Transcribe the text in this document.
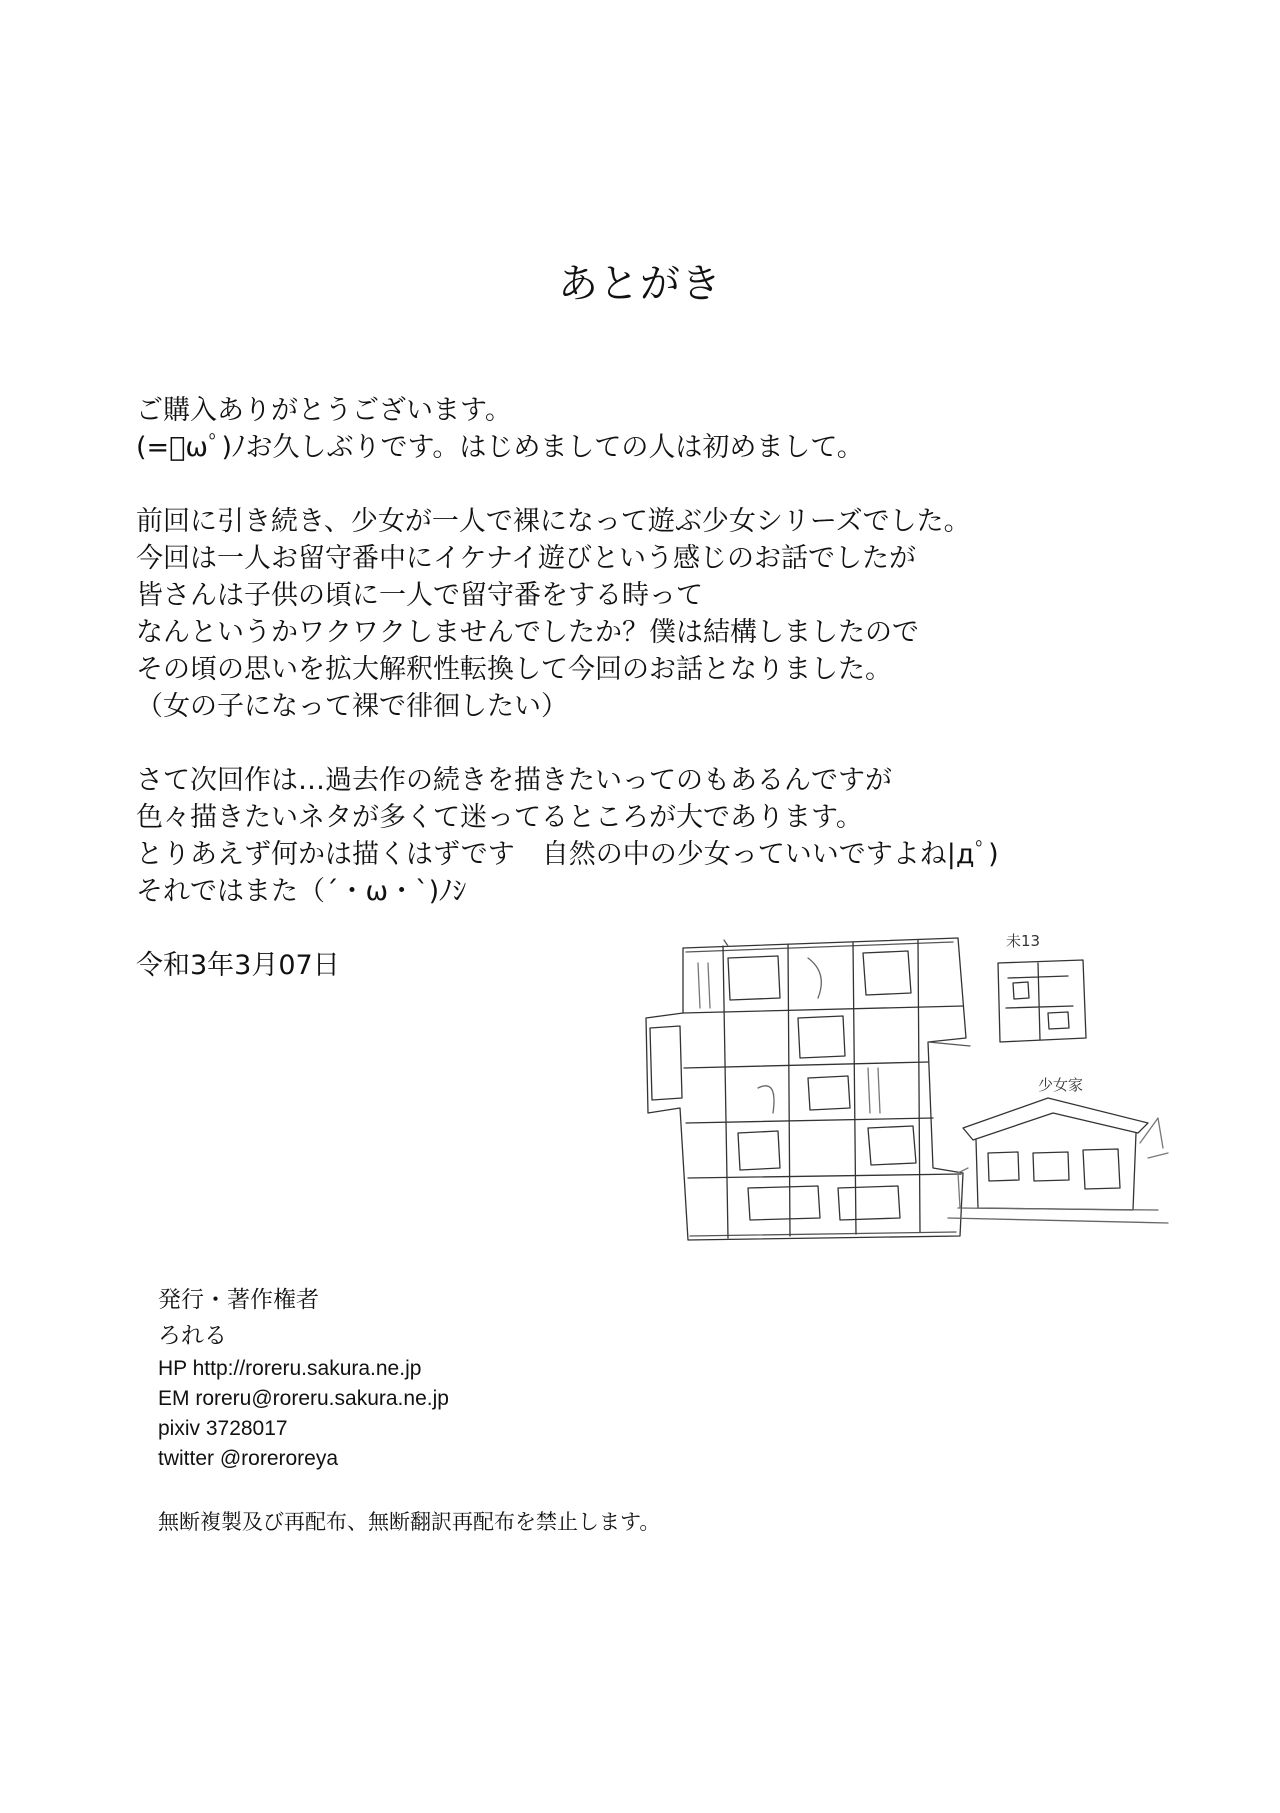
あとがき
ご購入ありがとうございます。
(=ﾟωﾟ)ﾉお久しぶりです。はじめましての人は初めまして。
前回に引き続き、少女が一人で裸になって遊ぶ少女シリーズでした。
今回は一人お留守番中にイケナイ遊びという感じのお話でしたが
皆さんは子供の頃に一人で留守番をする時って
なんというかワクワクしませんでしたか？僕は結構しましたので
その頃の思いを拡大解釈性転換して今回のお話となりました。
（女の子になって裸で徘徊したい）
さて次回作は…過去作の続きを描きたいってのもあるんですが
色々描きたいネタが多くて迷ってるところが大であります。
とりあえず何かは描くはずです　自然の中の少女っていいですよね|дﾟ)
それではまた（´・ω・`)ﾉｼ
令和3年3月07日
未13
少女家
発行・著作権者
ろれる
HP http://roreru.sakura.ne.jp
EM roreru@roreru.sakura.ne.jp
pixiv 3728017
twitter @roreroreya
無断複製及び再配布、無断翻訳再配布を禁止します。
